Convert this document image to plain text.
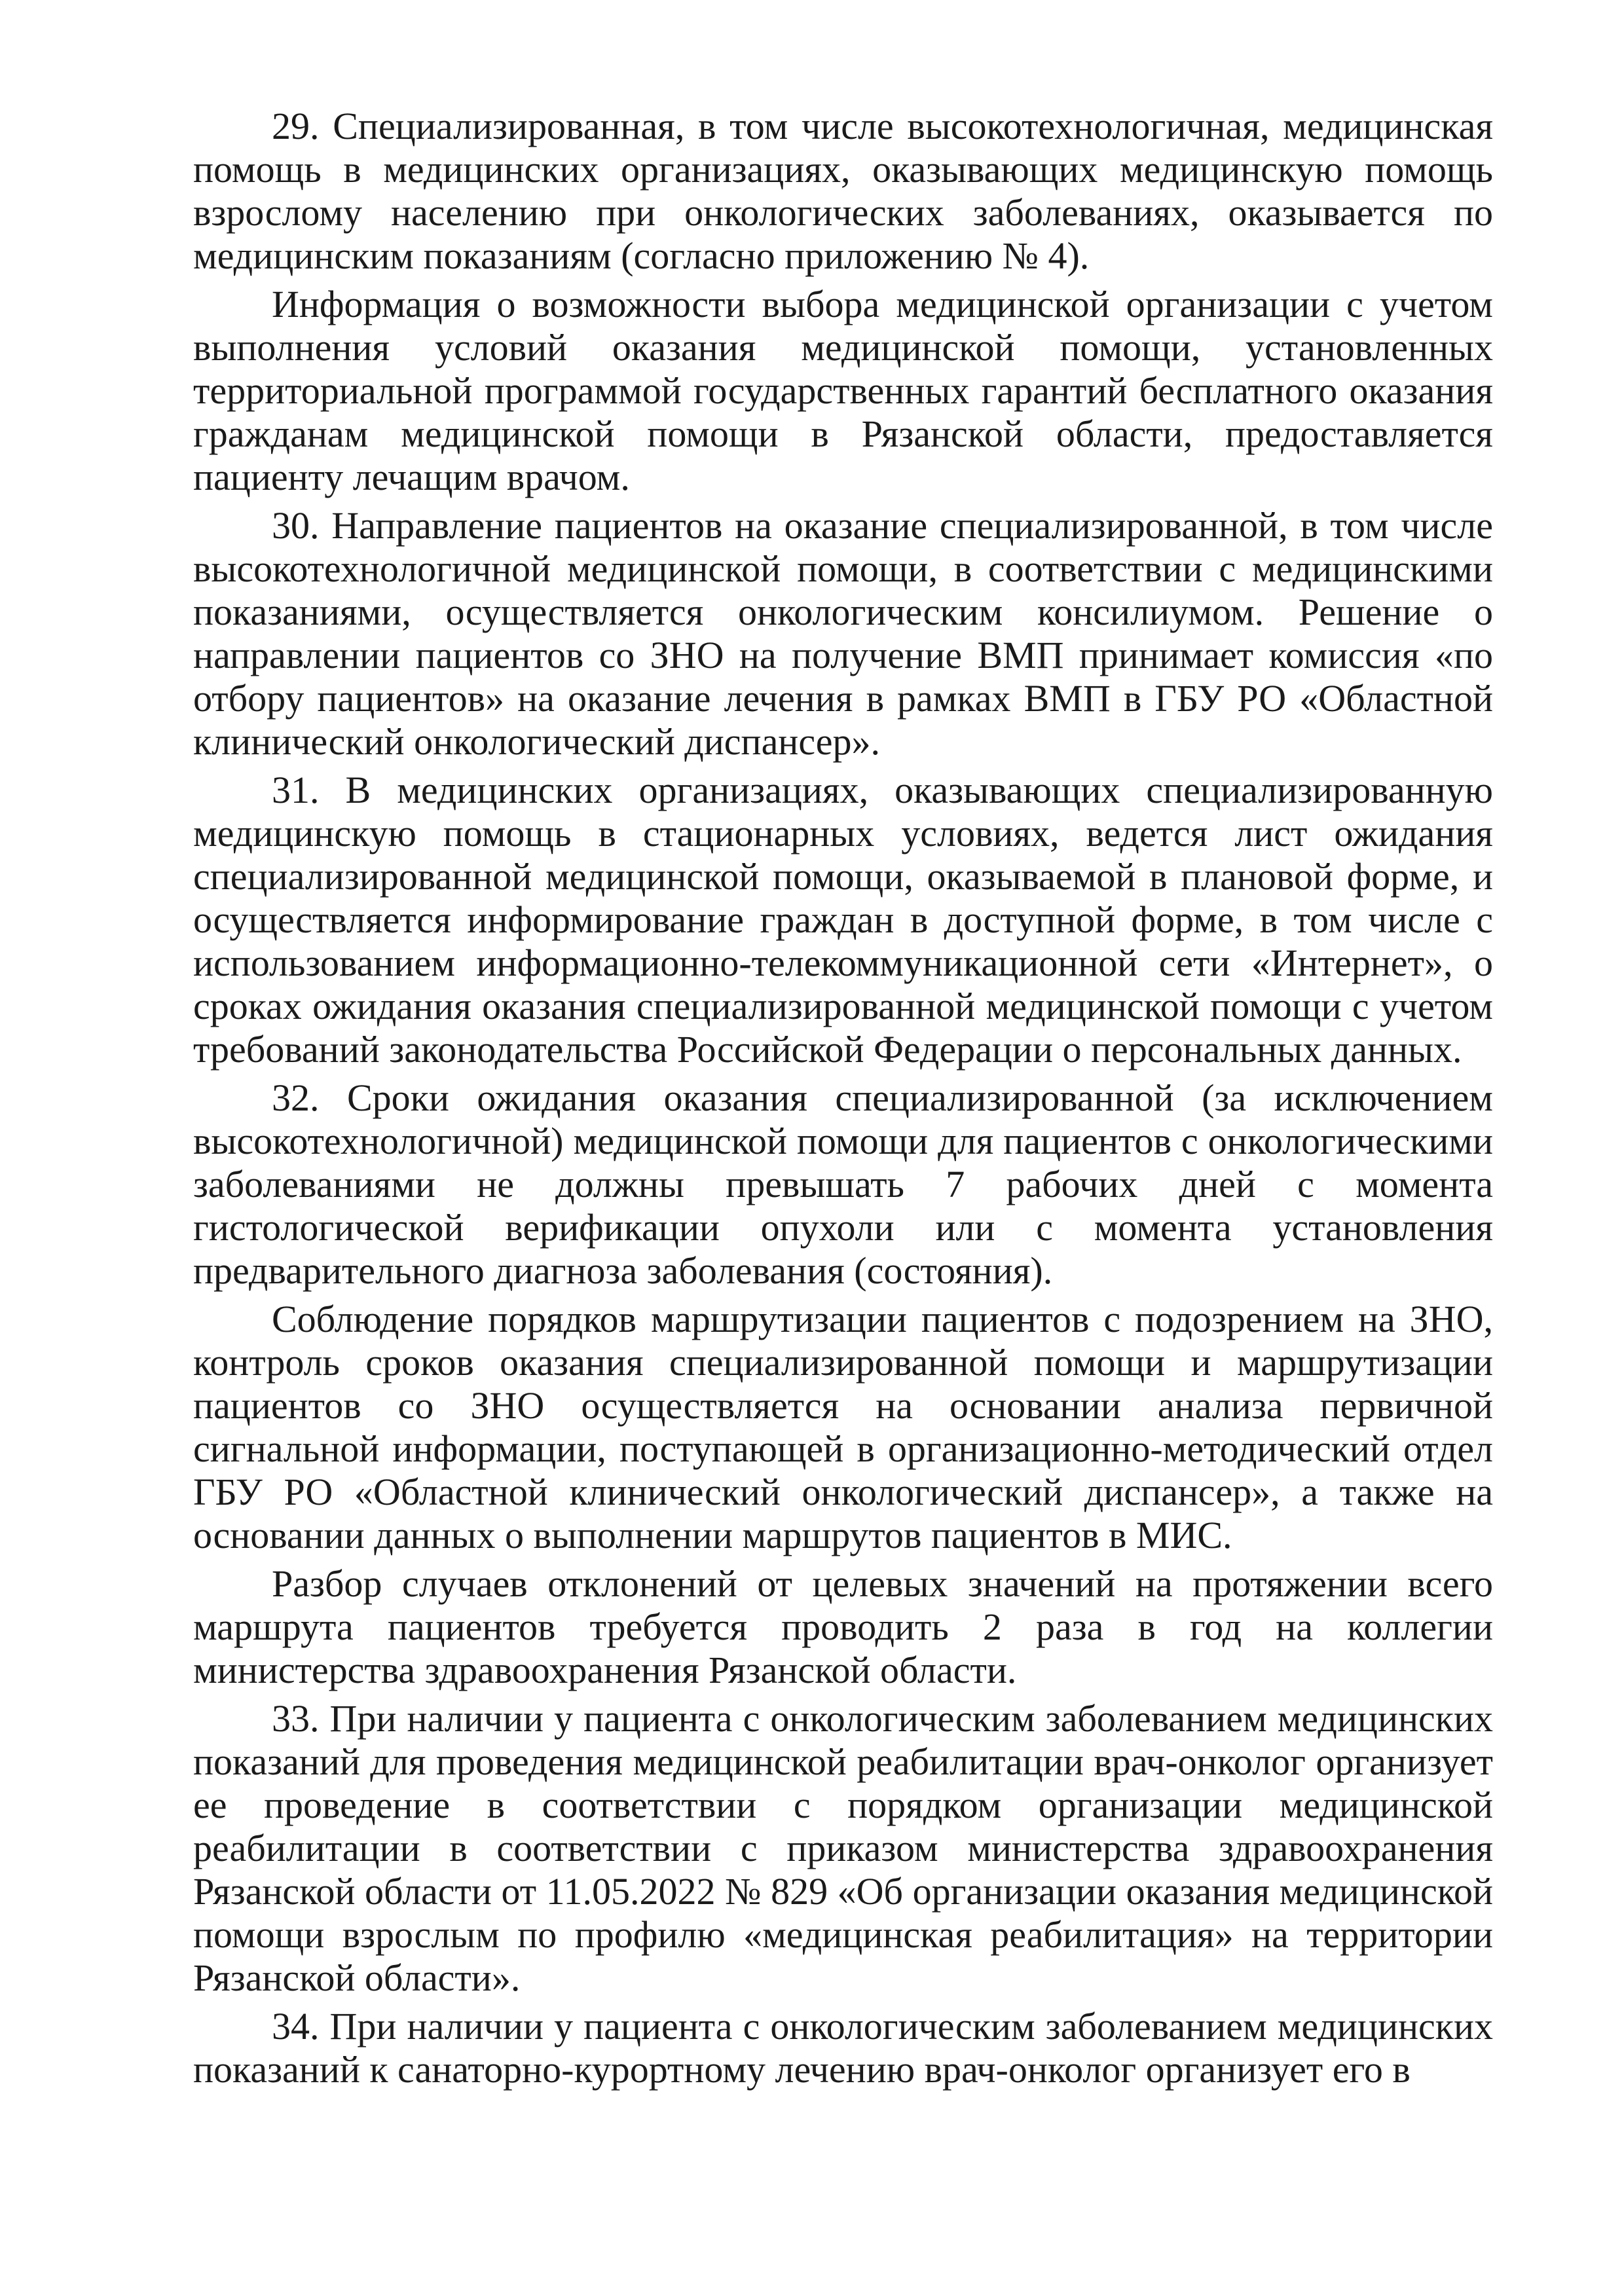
29. Специализированная, в том числе высокотехнологичная, медицинская помощь в медицинских организациях, оказывающих медицинскую помощь взрослому населению при онкологических заболеваниях, оказывается по медицинским показаниям (согласно приложению № 4).

Информация о возможности выбора медицинской организации с учетом выполнения условий оказания медицинской помощи, установленных территориальной программой государственных гарантий бесплатного оказания гражданам медицинской помощи в Рязанской области, предоставляется пациенту лечащим врачом.

30. Направление пациентов на оказание специализированной, в том числе высокотехнологичной медицинской помощи, в соответствии с медицинскими показаниями, осуществляется онкологическим консилиумом. Решение о направлении пациентов со ЗНО на получение ВМП принимает комиссия «по отбору пациентов» на оказание лечения в рамках ВМП в ГБУ РО «Областной клинический онкологический диспансер».

31. В медицинских организациях, оказывающих специализированную медицинскую помощь в стационарных условиях, ведется лист ожидания специализированной медицинской помощи, оказываемой в плановой форме, и осуществляется информирование граждан в доступной форме, в том числе с использованием информационно-телекоммуникационной сети «Интернет», о сроках ожидания оказания специализированной медицинской помощи с учетом требований законодательства Российской Федерации о персональных данных.

32. Сроки ожидания оказания специализированной (за исключением высокотехнологичной) медицинской помощи для пациентов с онкологическими заболеваниями не должны превышать 7 рабочих дней с момента гистологической верификации опухоли или с момента установления предварительного диагноза заболевания (состояния).

Соблюдение порядков маршрутизации пациентов с подозрением на ЗНО, контроль сроков оказания специализированной помощи и маршрутизации пациентов со ЗНО осуществляется на основании анализа первичной сигнальной информации, поступающей в организационно-методический отдел ГБУ РО «Областной клинический онкологический диспансер», а также на основании данных о выполнении маршрутов пациентов в МИС.

Разбор случаев отклонений от целевых значений на протяжении всего маршрута пациентов требуется проводить 2 раза в год на коллегии министерства здравоохранения Рязанской области.

33. При наличии у пациента с онкологическим заболеванием медицинских показаний для проведения медицинской реабилитации врач-онколог организует ее проведение в соответствии с порядком организации медицинской реабилитации в соответствии с приказом министерства здравоохранения Рязанской области от 11.05.2022 № 829 «Об организации оказания медицинской помощи взрослым по профилю «медицинская реабилитация» на территории Рязанской области».

34. При наличии у пациента с онкологическим заболеванием медицинских показаний к санаторно-курортному лечению врач-онколог организует его в
